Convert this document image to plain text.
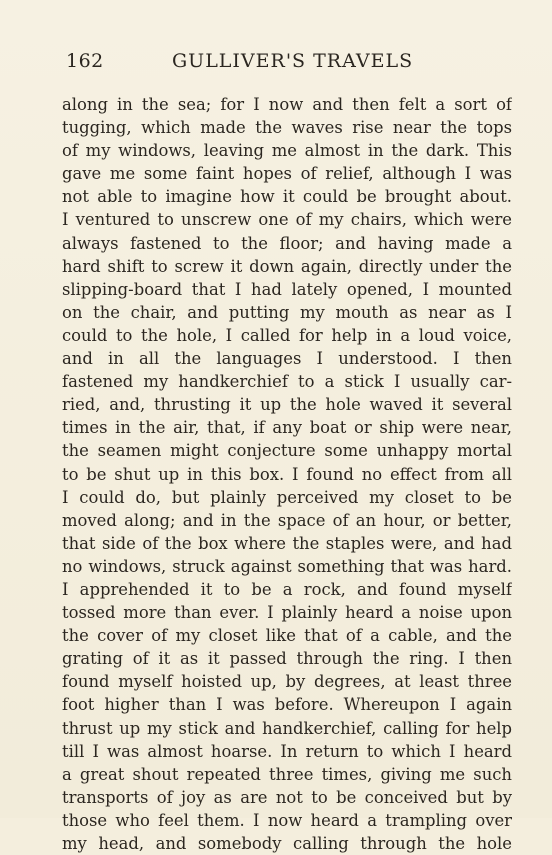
162	GULLIVER'S TRAVELS
along in the sea; for I now and then felt a sort of
tugging, which made the waves rise near the tops
of my windows, leaving me almost in the dark. This
gave me some faint hopes of relief, although I was
not able to imagine how it could be brought about.
I ventured to unscrew one of my chairs, which were
always fastened to the floor; and having made a
hard shift to screw it down again, directly under the
slipping-board that I had lately opened, I mounted
on the chair, and putting my mouth as near as I
could to the hole, I called for help in a loud voice,
and in all the languages I understood. I then
fastened my handkerchief to a stick I usually car-
ried, and, thrusting it up the hole waved it several
times in the air, that, if any boat or ship were near,
the seamen might conjecture some unhappy mortal
to be shut up in this box. I found no effect from all
I could do, but plainly perceived my closet to be
moved along; and in the space of an hour, or better,
that side of the box where the staples were, and had
no windows, struck against something that was hard.
I apprehended it to be a rock, and found myself
tossed more than ever. I plainly heard a noise upon
the cover of my closet like that of a cable, and the
grating of it as it passed through the ring. I then
found myself hoisted up, by degrees, at least three
foot higher than I was before. Whereupon I again
thrust up my stick and handkerchief, calling for help
till I was almost hoarse. In return to which I heard
a great shout repeated three times, giving me such
transports of joy as are not to be conceived but by
those who feel them. I now heard a trampling over
my head, and somebody calling through the hole
